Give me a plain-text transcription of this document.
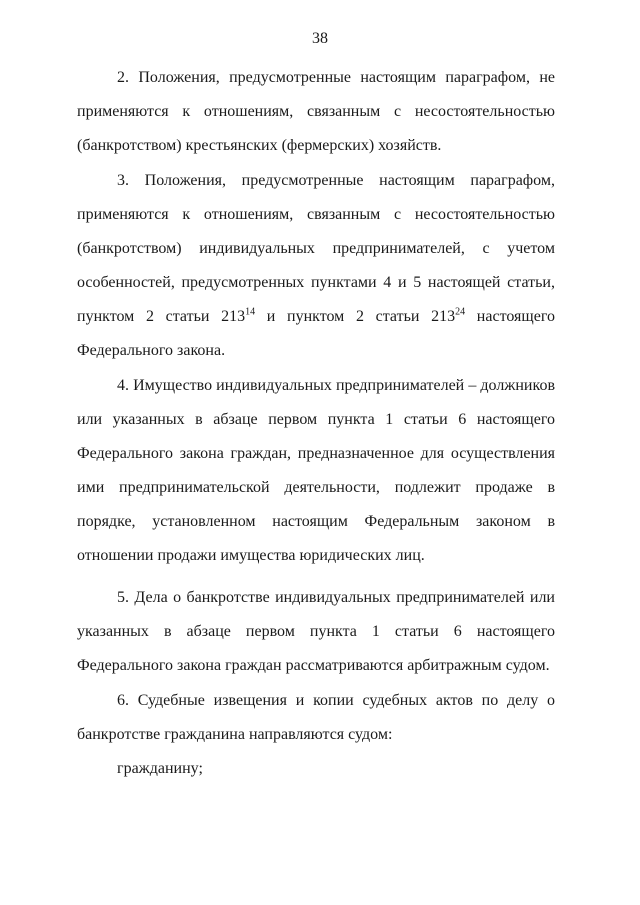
38
2. Положения, предусмотренные настоящим параграфом, не применяются к отношениям, связанным с несостоятельностью (банкротством) крестьянских (фермерских) хозяйств.
3. Положения, предусмотренные настоящим параграфом, применяются к отношениям, связанным с несостоятельностью (банкротством) индивидуальных предпринимателей, с учетом особенностей, предусмотренных пунктами 4 и 5 настоящей статьи, пунктом 2 статьи $213^{14}$ и пунктом 2 статьи $213^{24}$ настоящего Федерального закона.
4. Имущество индивидуальных предпринимателей – должников или указанных в абзаце первом пункта 1 статьи 6 настоящего Федерального закона граждан, предназначенное для осуществления ими предпринимательской деятельности, подлежит продаже в порядке, установленном настоящим Федеральным законом в отношении продажи имущества юридических лиц.
5. Дела о банкротстве индивидуальных предпринимателей или указанных в абзаце первом пункта 1 статьи 6 настоящего Федерального закона граждан рассматриваются арбитражным судом.
6. Судебные извещения и копии судебных актов по делу о банкротстве гражданина направляются судом:
гражданину;
